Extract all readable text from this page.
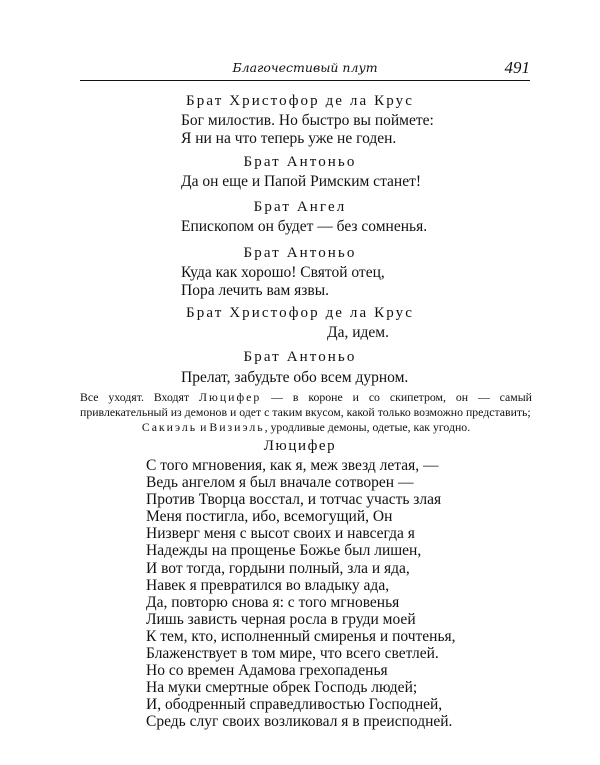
Благочестивый плут	491

Брат Христофор де ла Крус

Бог милостив. Но быстро вы поймете:

Я ни на что теперь уже не годен.

Брат Антоньо

Да он еще и Папой Римским станет!

Брат Ангел

Епископом он будет — без сомненья.

Брат Антоньо

Куда как хорошо! Святой отец,

Пора лечить вам язвы.

Брат Христофор де ла Крус

Да, идем.

Брат Антоньо

Прелат, забудьте обо всем дурном.

Все уходят. Входят Люцифер — в короне и со скипетром, он — самый привлекательный из демонов и одет с таким вкусом, какой только возможно представить;
Сакиэль и Визиэль, уродливые демоны, одетые, как угодно.

Люцифер

С того мгновения, как я, меж звезд летая, —

Ведь ангелом я был вначале сотворен —

Против Творца восстал, и тотчас участь злая

Меня постигла, ибо, всемогущий, Он

Низверг меня с высот своих и навсегда я

Надежды на прощенье Божье был лишен,

И вот тогда, гордыни полный, зла и яда,

Навек я превратился во владыку ада,

Да, повторю снова я: с того мгновенья

Лишь зависть черная росла в груди моей

К тем, кто, исполненный смиренья и почтенья,

Блаженствует в том мире, что всего светлей.

Но со времен Адамова грехопаденья

На муки смертные обрек Господь людей;

И, ободренный справедливостью Господней,

Средь слуг своих возликовал я в преисподней.
